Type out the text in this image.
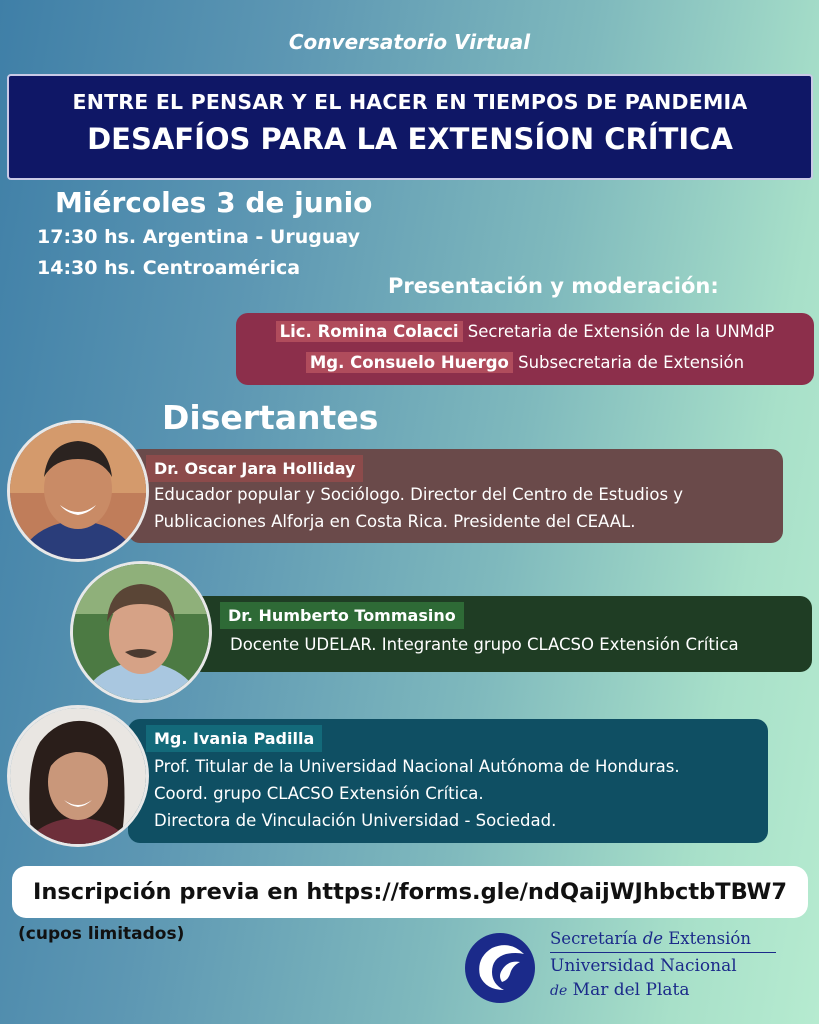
Conversatorio Virtual
ENTRE EL PENSAR Y EL HACER EN TIEMPOS DE PANDEMIA
DESAFÍOS PARA LA EXTENSÍON CRÍTICA
Miércoles 3 de junio
17:30 hs. Argentina - Uruguay
14:30 hs. Centroamérica
Presentación y moderación:
Lic. Romina Colacci Secretaria de Extensión de la UNMdP
Mg. Consuelo Huergo Subsecretaria de Extensión
Disertantes
Dr. Oscar Jara Holliday
Educador popular y Sociólogo. Director del Centro de Estudios y
Publicaciones Alforja en Costa Rica. Presidente del CEAAL.
Dr. Humberto Tommasino
Docente UDELAR. Integrante grupo CLACSO Extensión Crítica
Mg. Ivania Padilla
Prof. Titular de la Universidad Nacional Autónoma de Honduras.
Coord. grupo CLACSO Extensión Crítica.
Directora de Vinculación Universidad - Sociedad.
Inscripción previa en https://forms.gle/ndQaijWJhbctbTBW7
(cupos limitados)	Secretaría de Extensión
Universidad Nacional
de Mar del Plata
